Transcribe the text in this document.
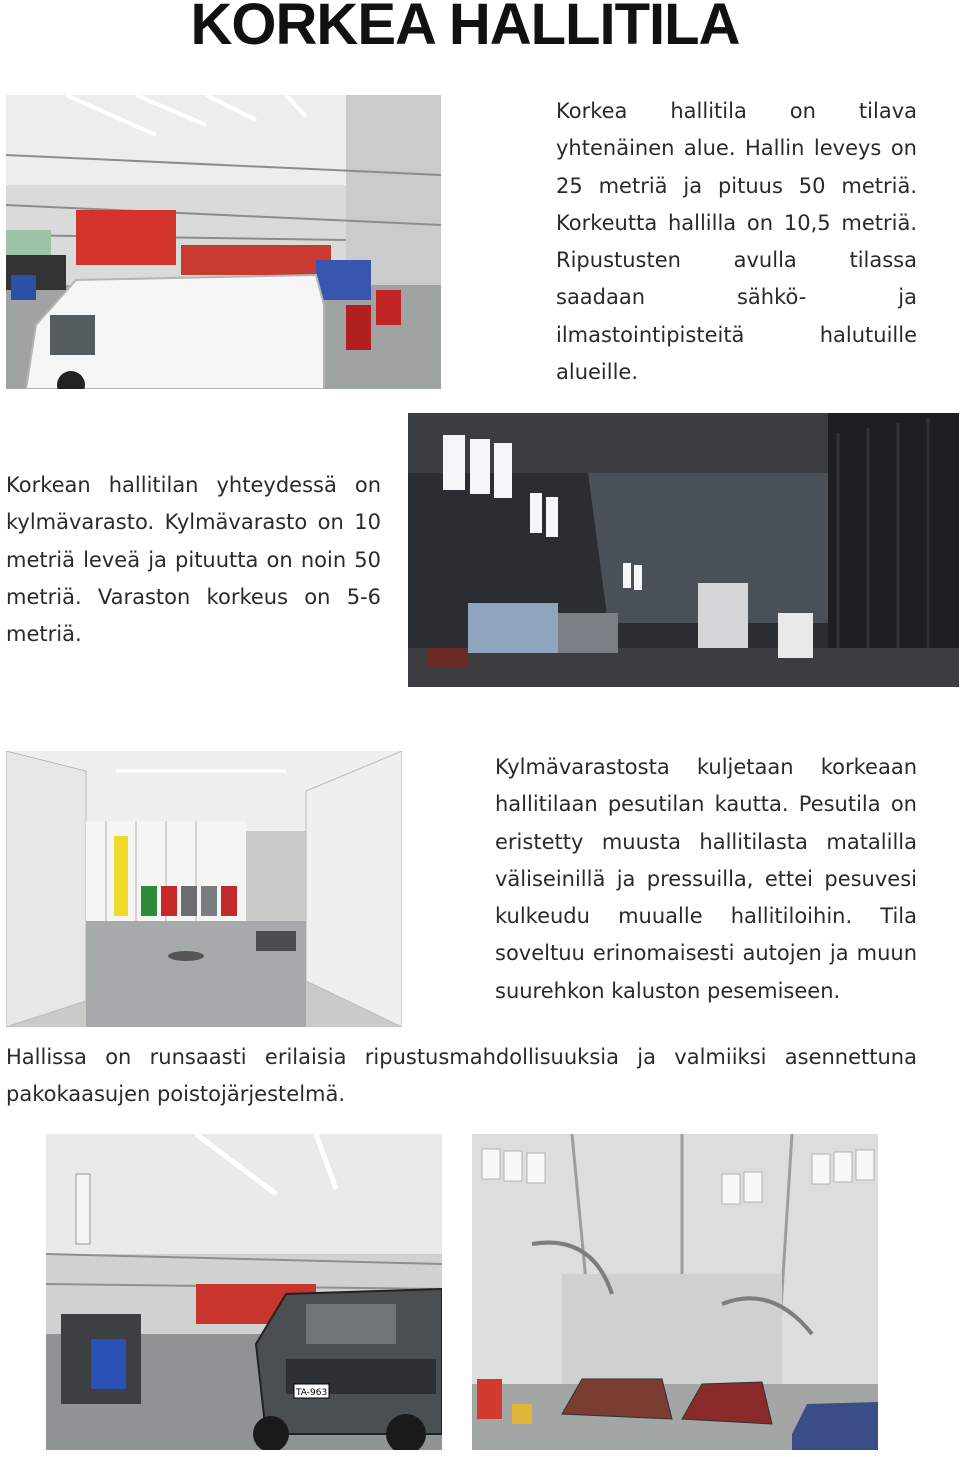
KORKEA HALLITILA

Korkea hallitila on tilava yhtenäinen alue. Hallin leveys on 25 metriä ja pituus 50 metriä. Korkeutta hallilla on 10,5 metriä. Ripustusten avulla tilassa saadaan sähkö- ja ilmastointipisteitä halutuille alueille.

Korkean hallitilan yhteydessä on kylmävarasto. Kylmävarasto on 10 metriä leveä ja pituutta on noin 50 metriä. Varaston korkeus on 5-6 metriä.

Kylmävarastosta kuljetaan korkeaan hallitilaan pesutilan kautta. Pesutila on eristetty muusta hallitilasta matalilla väliseinillä ja pressuilla, ettei pesuvesi kulkeudu muualle hallitiloihin. Tila soveltuu erinomaisesti autojen ja muun suurehkon kaluston pesemiseen.

Hallissa on runsaasti erilaisia ripustusmahdollisuuksia ja valmiiksi asennettuna pakokaasujen poistojärjestelmä.

TA-963
